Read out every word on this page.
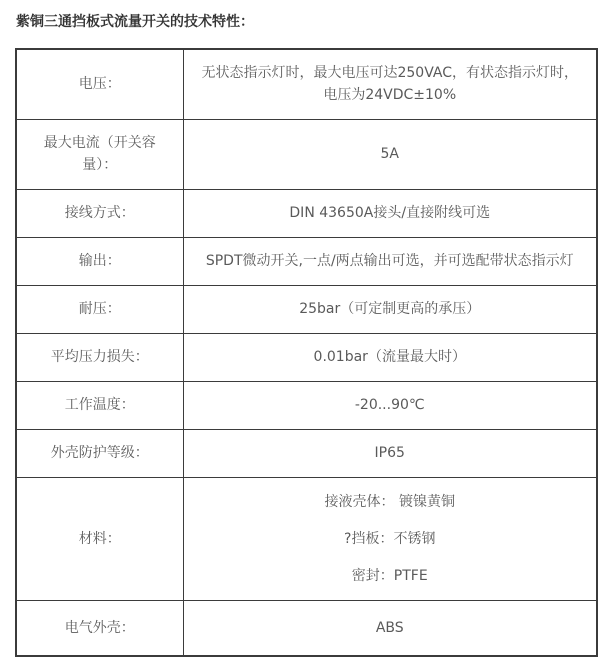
紫铜三通挡板式流量开关的技术特性：
电压：	无状态指示灯时，最大电压可达250VAC，有状态指示灯时，电压为24VDC±10%

最大电流（开关容量）：	5A

接线方式：	DIN 43650A接头/直接附线可选

输出：	SPDT微动开关,一点/两点输出可选，并可选配带状态指示灯

耐压：	25bar（可定制更高的承压）

平均压力损失：	0.01bar（流量最大时）

工作温度：	-20...90℃

外壳防护等级：	IP65

材料：	接液壳体： 镀镍黄铜
?挡板：不锈钢
密封：PTFE

电气外壳：	ABS
